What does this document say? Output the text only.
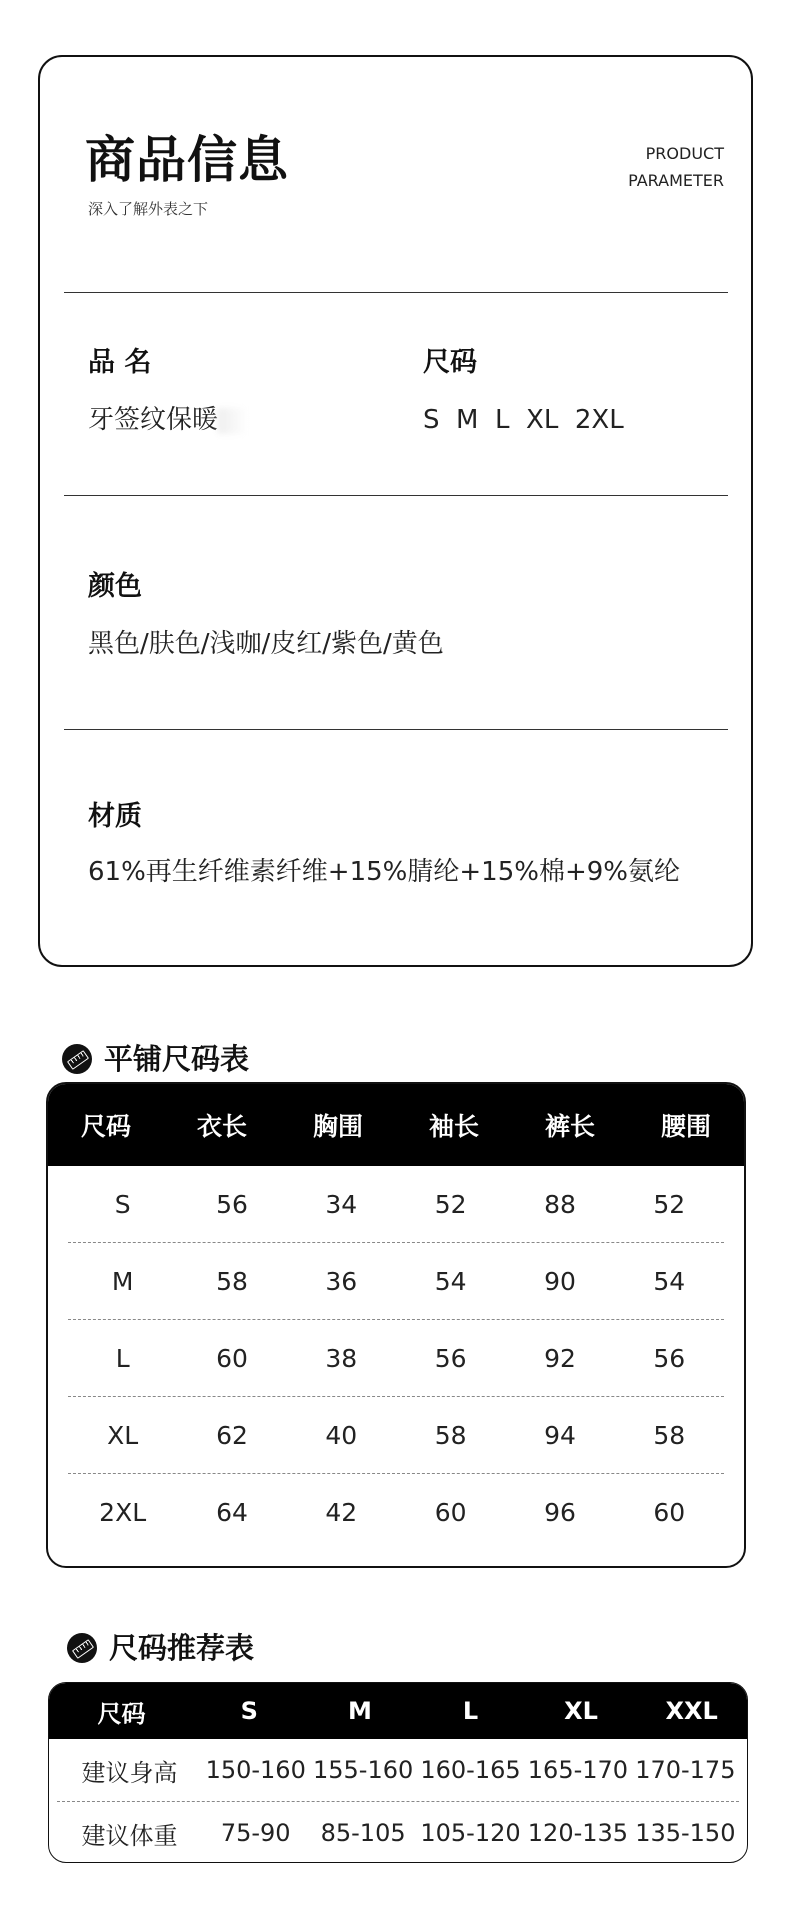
商品信息
深入了解外表之下
PRODUCT
PARAMETER
品 名
牙签纹保暖
尺码
S  M  L  XL  2XL
颜色
黑色/肤色/浅咖/皮红/紫色/黄色
材质
61%再生纤维素纤维+15%腈纶+15%棉+9%氨纶
平铺尺码表
尺码	衣长	胸围	袖长	裤长	腰围
S	56	34	52	88	52
M	58	36	54	90	54
L	60	38	56	92	56
XL	62	40	58	94	58
2XL	64	42	60	96	60
尺码推荐表
尺码	S	M	L	XL	XXL
建议身高	150-160 155-160 160-165 165-170 170-175
建议体重	75-90	85-105 105-120 120-135 135-150
